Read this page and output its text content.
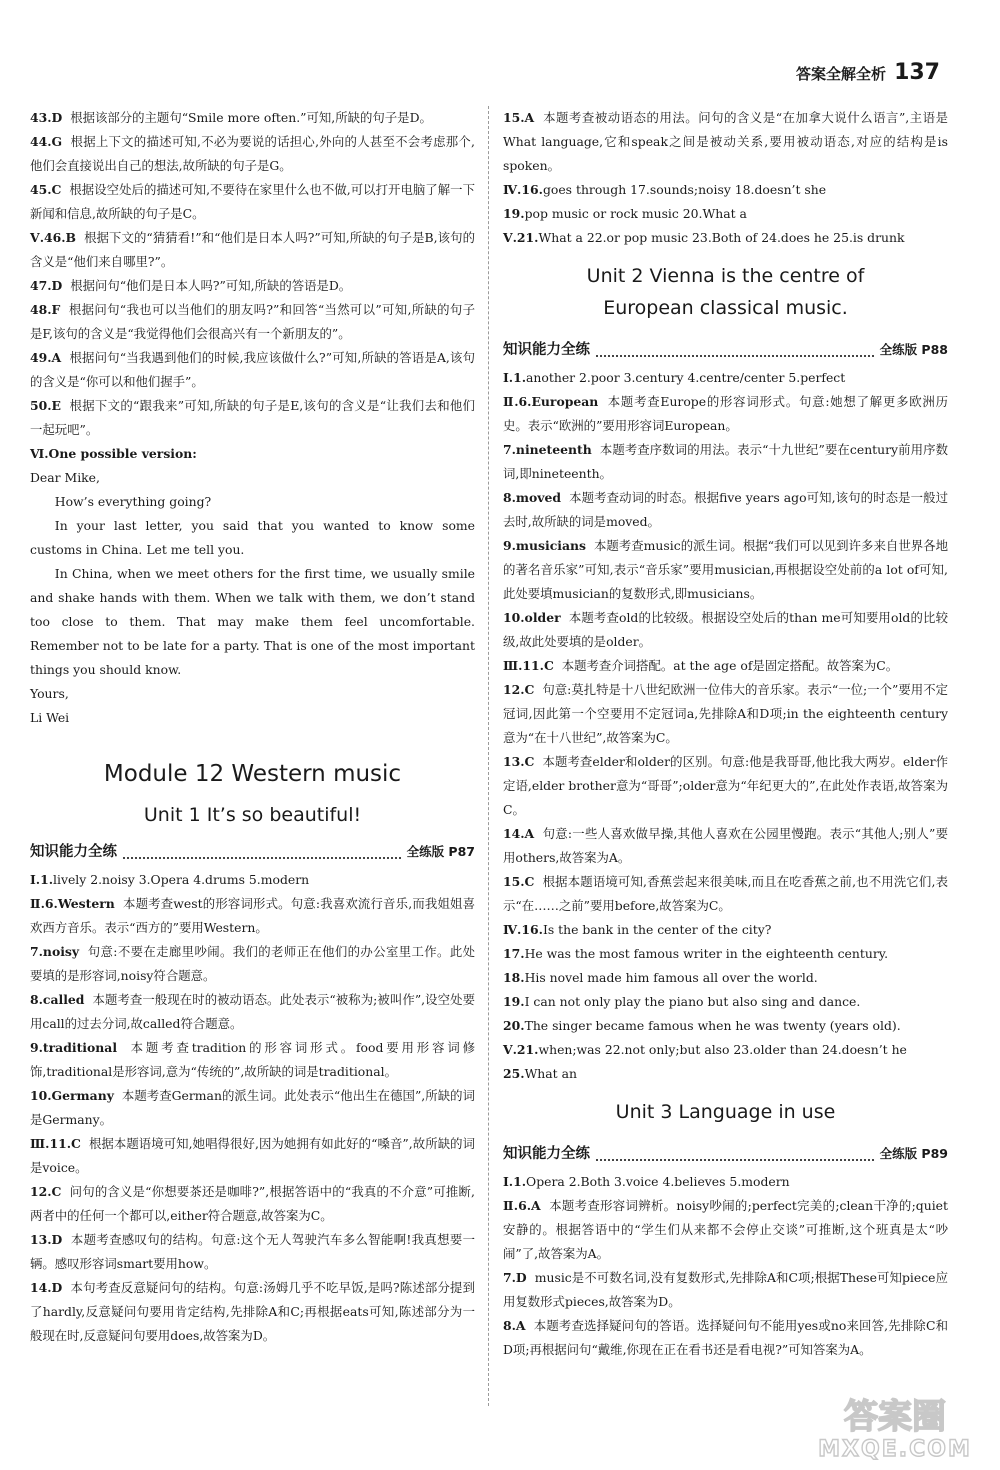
答案全解全析 137

43.D 根据该部分的主题句“Smile more often.”可知,所缺的句子是D。

44.G 根据上下文的描述可知,不必为要说的话担心,外向的人甚至不会考虑那个,他们会直接说出自己的想法,故所缺的句子是G。

45.C 根据设空处后的描述可知,不要待在家里什么也不做,可以打开电脑了解一下新闻和信息,故所缺的句子是C。

Ⅴ.46.B 根据下文的“猜猜看!”和“他们是日本人吗?”可知,所缺的句子是B,该句的含义是“他们来自哪里?”。

47.D 根据问句“他们是日本人吗?”可知,所缺的答语是D。

48.F 根据问句“我也可以当他们的朋友吗?”和回答“当然可以”可知,所缺的句子是F,该句的含义是“我觉得他们会很高兴有一个新朋友的”。

49.A 根据问句“当我遇到他们的时候,我应该做什么?”可知,所缺的答语是A,该句的含义是“你可以和他们握手”。

50.E 根据下文的“跟我来”可知,所缺的句子是E,该句的含义是“让我们去和他们一起玩吧”。

Ⅵ.One possible version:

Dear Mike,

How’s everything going?

In your last letter, you said that you wanted to know some customs in China. Let me tell you.

In China, when we meet others for the first time, we usually smile and shake hands with them. When we talk with them, we don’t stand too close to them. That may make them feel uncomfortable. Remember not to be late for a party. That is one of the most important things you should know.

Yours,

Li Wei

Module 12 Western music
Unit 1 It’s so beautiful!
知识能力全练	全练版 P87

Ⅰ.1.lively 2.noisy 3.Opera 4.drums 5.modern

Ⅱ.6.Western 本题考查west的形容词形式。句意:我喜欢流行音乐,而我姐姐喜欢西方音乐。表示“西方的”要用Western。

7.noisy 句意:不要在走廊里吵闹。我们的老师正在他们的办公室里工作。此处要填的是形容词,noisy符合题意。

8.called 本题考查一般现在时的被动语态。此处表示“被称为;被叫作”,设空处要用call的过去分词,故called符合题意。

9.traditional 本题考查tradition的形容词形式。food要用形容词修饰,traditional是形容词,意为“传统的”,故所缺的词是traditional。

10.Germany 本题考查German的派生词。此处表示“他出生在德国”,所缺的词是Germany。

Ⅲ.11.C 根据本题语境可知,她唱得很好,因为她拥有如此好的“嗓音”,故所缺的词是voice。

12.C 问句的含义是“你想要茶还是咖啡?”,根据答语中的“我真的不介意”可推断,两者中的任何一个都可以,either符合题意,故答案为C。

13.D 本题考查感叹句的结构。句意:这个无人驾驶汽车多么智能啊!我真想要一辆。感叹形容词smart要用how。

14.D 本句考查反意疑问句的结构。句意:汤姆几乎不吃早饭,是吗?陈述部分提到了hardly,反意疑问句要用肯定结构,先排除A和C;再根据eats可知,陈述部分为一般现在时,反意疑问句要用does,故答案为D。

15.A 本题考查被动语态的用法。问句的含义是“在加拿大说什么语言”,主语是What language,它和speak之间是被动关系,要用被动语态,对应的结构是is spoken。

Ⅳ.16.goes through 17.sounds;noisy 18.doesn’t she

19.pop music or rock music 20.What a

Ⅴ.21.What a 22.or pop music 23.Both of 24.does he 25.is drunk

Unit 2 Vienna is the centre of
European classical music.
知识能力全练	全练版 P88

Ⅰ.1.another 2.poor 3.century 4.centre/center 5.perfect

Ⅱ.6.European 本题考查Europe的形容词形式。句意:她想了解更多欧洲历史。表示“欧洲的”要用形容词European。

7.nineteenth 本题考查序数词的用法。表示“十九世纪”要在century前用序数词,即nineteenth。

8.moved 本题考查动词的时态。根据five years ago可知,该句的时态是一般过去时,故所缺的词是moved。

9.musicians 本题考查music的派生词。根据“我们可以见到许多来自世界各地的著名音乐家”可知,表示“音乐家”要用musician,再根据设空处前的a lot of可知,此处要填musician的复数形式,即musicians。

10.older 本题考查old的比较级。根据设空处后的than me可知要用old的比较级,故此处要填的是older。

Ⅲ.11.C 本题考查介词搭配。at the age of是固定搭配。故答案为C。

12.C 句意:莫扎特是十八世纪欧洲一位伟大的音乐家。表示“一位;一个”要用不定冠词,因此第一个空要用不定冠词a,先排除A和D项;in the eighteenth century意为“在十八世纪”,故答案为C。

13.C 本题考查elder和older的区别。句意:他是我哥哥,他比我大两岁。elder作定语,elder brother意为“哥哥”;older意为“年纪更大的”,在此处作表语,故答案为C。

14.A 句意:一些人喜欢做早操,其他人喜欢在公园里慢跑。表示“其他人;别人”要用others,故答案为A。

15.C 根据本题语境可知,香蕉尝起来很美味,而且在吃香蕉之前,也不用洗它们,表示“在……之前”要用before,故答案为C。

Ⅳ.16.Is the bank in the center of the city?

17.He was the most famous writer in the eighteenth century.

18.His novel made him famous all over the world.

19.I can not only play the piano but also sing and dance.

20.The singer became famous when he was twenty (years old).

Ⅴ.21.when;was 22.not only;but also 23.older than 24.doesn’t he

25.What an

Unit 3 Language in use
知识能力全练	全练版 P89

Ⅰ.1.Opera 2.Both 3.voice 4.believes 5.modern

Ⅱ.6.A 本题考查形容词辨析。noisy吵闹的;perfect完美的;clean干净的;quiet安静的。根据答语中的“学生们从来都不会停止交谈”可推断,这个班真是太“吵闹”了,故答案为A。

7.D music是不可数名词,没有复数形式,先排除A和C项;根据These可知piece应用复数形式pieces,故答案为D。

8.A 本题考查选择疑问句的答语。选择疑问句不能用yes或no来回答,先排除C和D项;再根据问句“戴维,你现在正在看书还是看电视?”可知答案为A。

答案圈
MXQE.COM
